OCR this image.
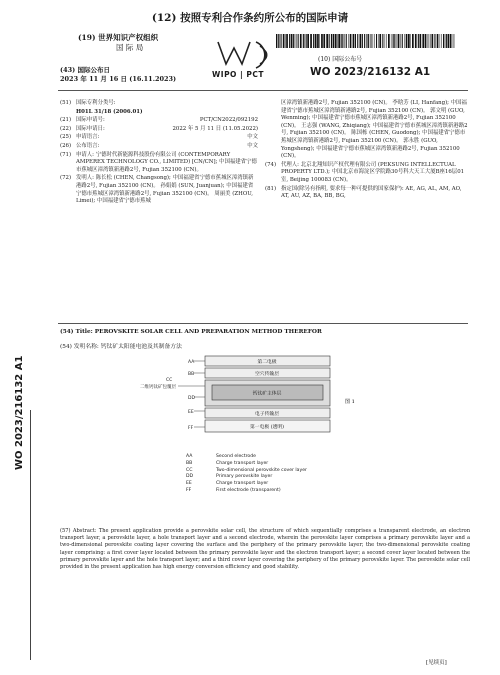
(12) 按照专利合作条约所公布的国际申请
(19) 世界知识产权组织
国 际 局
(43) 国际公布日
2023 年 11 月 16 日 (16.11.2023)	WIPO | PCT
(10) 国际公布号
WO 2023/216132 A1
(51) 国际专利分类号:
H01L 31/18 (2006.01)
(21) 国际申请号:	PCT/CN2022/092192
(22) 国际申请日:	2022 年 5 月 11 日 (11.05.2022)
(25) 申请语言:	中文
(26) 公布语言:	中文
(71) 申请人: 宁德时代新能源科技股份有限公司 (CONTEMPORARY AMPEREX TECHNOLOGY CO., LIMITED) [CN/CN]; 中国福建省宁德市蕉城区漳湾镇新港路2号, Fujian 352100 (CN)。
(72) 发明人: 陈长松 (CHEN, Changsong); 中国福建省宁德市蕉城区漳湾镇新港路2号, Fujian 352100 (CN)。 孙娟娟 (SUN, Juanjuan); 中国福建省宁德市蕉城区漳湾镇新港路2号, Fujian 352100 (CN)。 周丽美 (ZHOU, Limei); 中国福建省宁德市蕉城
区漳湾镇新港路2号, Fujian 352100 (CN)。 李晗芳 (LI, Hanfang); 中国福建省宁德市蕉城区漳湾镇新港路2号, Fujian 352100 (CN)。 郭文明 (GUO, Wenming); 中国福建省宁德市蕉城区漳湾镇新港路2号, Fujian 352100 (CN)。 王志强 (WANG, Zhiqiang); 中国福建省宁德市蕉城区漳湾镇新港路2号, Fujian 352100 (CN)。 陈国栋 (CHEN, Guodong); 中国福建省宁德市蕉城区漳湾镇新港路2号, Fujian 352100 (CN)。 郭永胜 (GUO, Yongsheng); 中国福建省宁德市蕉城区漳湾镇新港路2号, Fujian 352100 (CN)。
(74) 代理人: 北京北翔知识产权代理有限公司 (PEKSUNG INTELLECTUAL PROPERTY LTD.); 中国北京市海淀区学院路30号科大天工大厦B座16层01室, Beijing 100083 (CN)。
(81) 指定国(除另有指明, 要求每一种可提供的国家保护): AE, AG, AL, AM, AO, AT, AU, AZ, BA, BB, BG,
(54) Title: PEROVSKITE SOLAR CELL AND PREPARATION METHOD THEREFOR
(54) 发明名称: 钙钛矿太阳能电池及其制备方法
AA
BB
CC
二维钙钛矿包覆层
DD
EE
FF
第二电极
空穴传输层
钙钛矿主体层
电子传输层
第一电极 (透明)
图 1
AA	Second electrode
BB	Charge transport layer
CC	Two-dimensional perovskite cover layer
DD	Primary perovskite layer
EE	Charge transport layer
FF	First electrode (transparent)
(57) Abstract: The present application provide a perovskite solar cell, the structure of which sequentially comprises a transparent electrode, an electron transport layer, a perovskite layer, a hole transport layer and a second electrode, wherein the perovskite layer comprises a primary perovskite layer and a two-dimensional perovskite coating layer covering the surface and the periphery of the primary perovskite layer; the two-dimensional perovskite coating layer comprising: a first cover layer located between the primary perovskite layer and the electron transport layer; a second cover layer located between the primary perovskite layer and the hole transport layer; and a third cover layer covering the periphery of the primary perovskite layer. The perovskite solar cell provided in the present application has high energy conversion efficiency and good stability.
WO 2023/216132 A1
[见续页]
